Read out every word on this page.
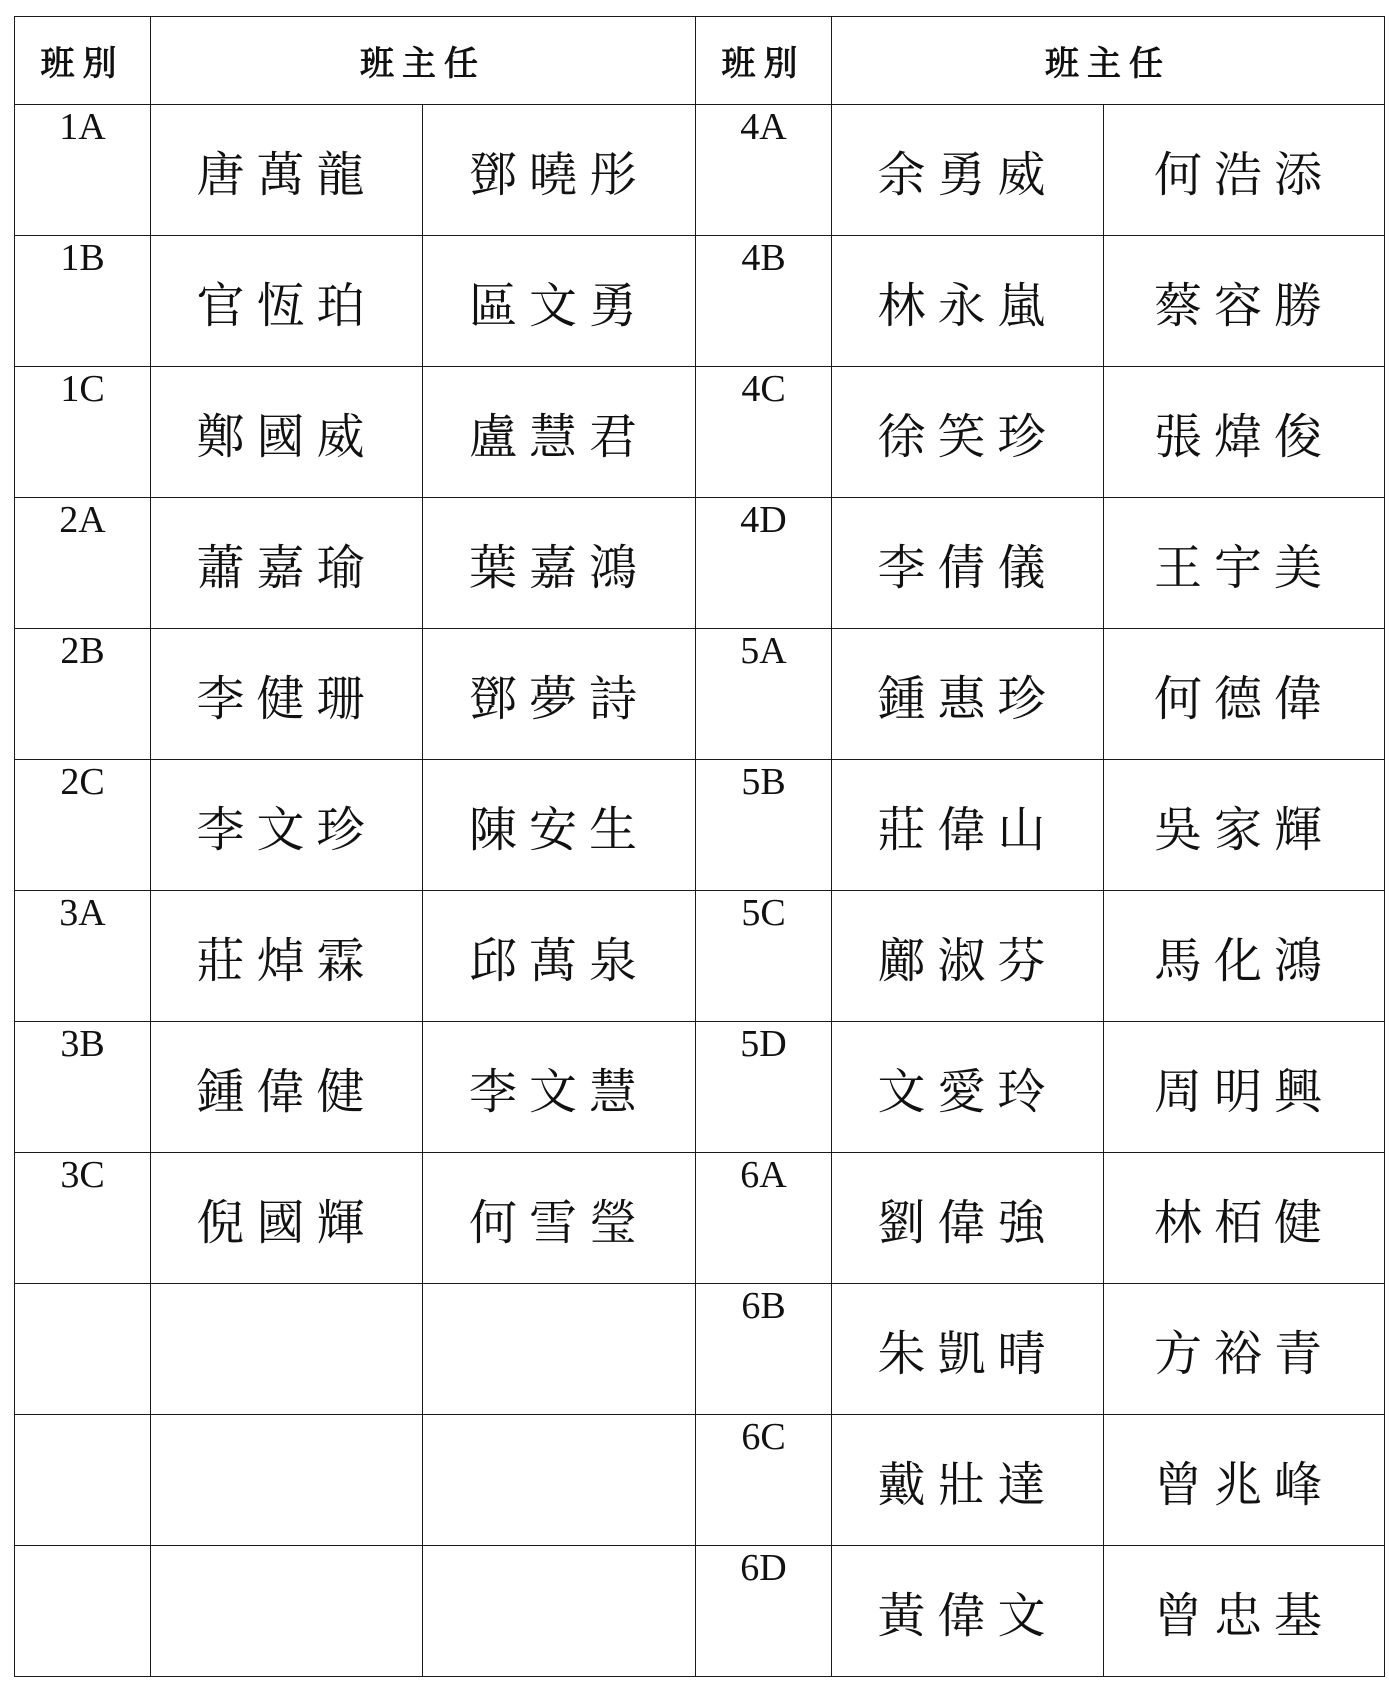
班別	班主任		班別	班主任	
1A	唐萬龍	鄧曉彤	4A	余勇威	何浩添
1B	官恆珀	區文勇	4B	林永嵐	蔡容勝
1C	鄭國威	盧慧君	4C	徐笑珍	張煒俊
2A	蕭嘉瑜	葉嘉鴻	4D	李倩儀	王宇美
2B	李健珊	鄧夢詩	5A	鍾惠珍	何德偉
2C	李文珍	陳安生	5B	莊偉山	吳家輝
3A	莊焯霖	邱萬泉	5C	鄺淑芬	馬化鴻
3B	鍾偉健	李文慧	5D	文愛玲	周明興
3C	倪國輝	何雪瑩	6A	劉偉強	林栢健
			6B	朱凱晴	方裕青
			6C	戴壯達	曾兆峰
			6D	黃偉文	曾忠基
